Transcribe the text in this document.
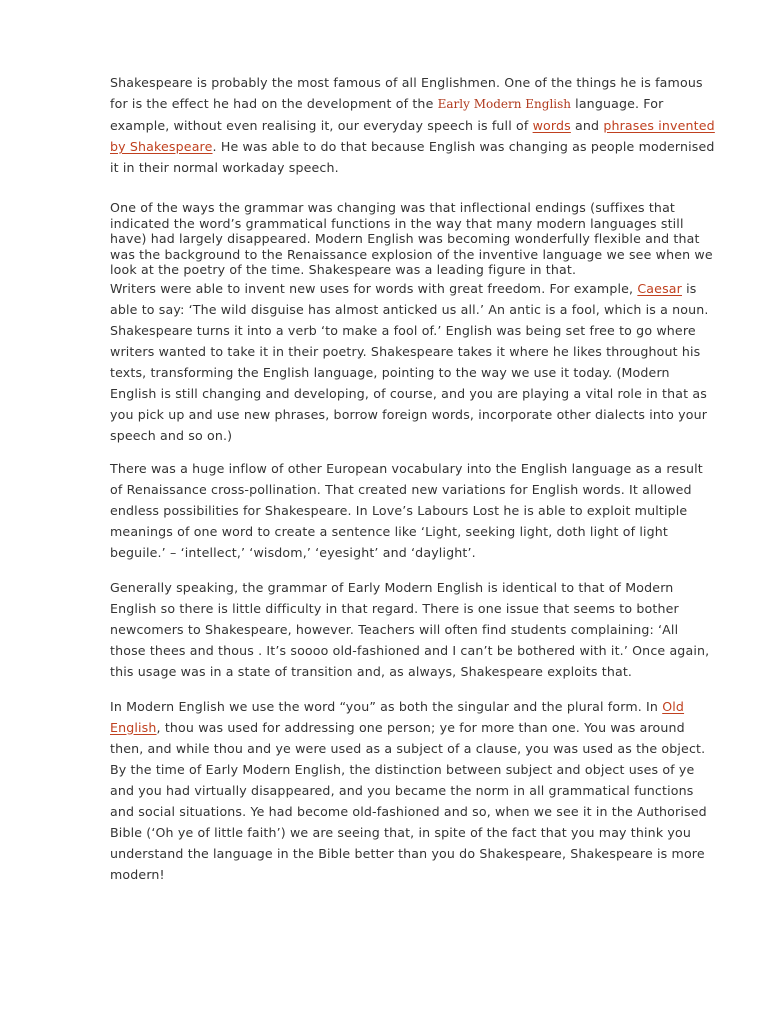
Shakespeare is probably the most famous of all Englishmen. One of the things he is famous for is the effect he had on the development of the Early Modern English language. For example, without even realising it, our everyday speech is full of words and phrases invented by Shakespeare. He was able to do that because English was changing as people modernised it in their normal workaday speech.

One of the ways the grammar was changing was that inflectional endings (suffixes that indicated the word’s grammatical functions in the way that many modern languages still have) had largely disappeared. Modern English was becoming wonderfully flexible and that was the background to the Renaissance explosion of the inventive language we see when we look at the poetry of the time. Shakespeare was a leading figure in that.
Writers were able to invent new uses for words with great freedom. For example, Caesar is able to say: ‘The wild disguise has almost anticked us all.’ An antic is a fool, which is a noun. Shakespeare turns it into a verb ‘to make a fool of.’ English was being set free to go where writers wanted to take it in their poetry. Shakespeare takes it where he likes throughout his texts, transforming the English language, pointing to the way we use it today. (Modern English is still changing and developing, of course, and you are playing a vital role in that as you pick up and use new phrases, borrow foreign words, incorporate other dialects into your speech and so on.)

There was a huge inflow of other European vocabulary into the English language as a result of Renaissance cross-pollination. That created new variations for English words. It allowed endless possibilities for Shakespeare. In Love’s Labours Lost he is able to exploit multiple meanings of one word to create a sentence like ‘Light, seeking light, doth light of light beguile.’ – ‘intellect,’ ‘wisdom,’ ‘eyesight’ and ‘daylight’.

Generally speaking, the grammar of Early Modern English is identical to that of Modern English so there is little difficulty in that regard. There is one issue that seems to bother newcomers to Shakespeare, however. Teachers will often find students complaining: ‘All those thees and thous . It’s soooo old-fashioned and I can’t be bothered with it.’ Once again, this usage was in a state of transition and, as always, Shakespeare exploits that.

In Modern English we use the word “you” as both the singular and the plural form. In Old English, thou was used for addressing one person; ye for more than one. You was around then, and while thou and ye were used as a subject of a clause, you was used as the object. By the time of Early Modern English, the distinction between subject and object uses of ye and you had virtually disappeared, and you became the norm in all grammatical functions and social situations. Ye had become old-fashioned and so, when we see it in the Authorised Bible (‘Oh ye of little faith’) we are seeing that, in spite of the fact that you may think you understand the language in the Bible better than you do Shakespeare, Shakespeare is more modern!
